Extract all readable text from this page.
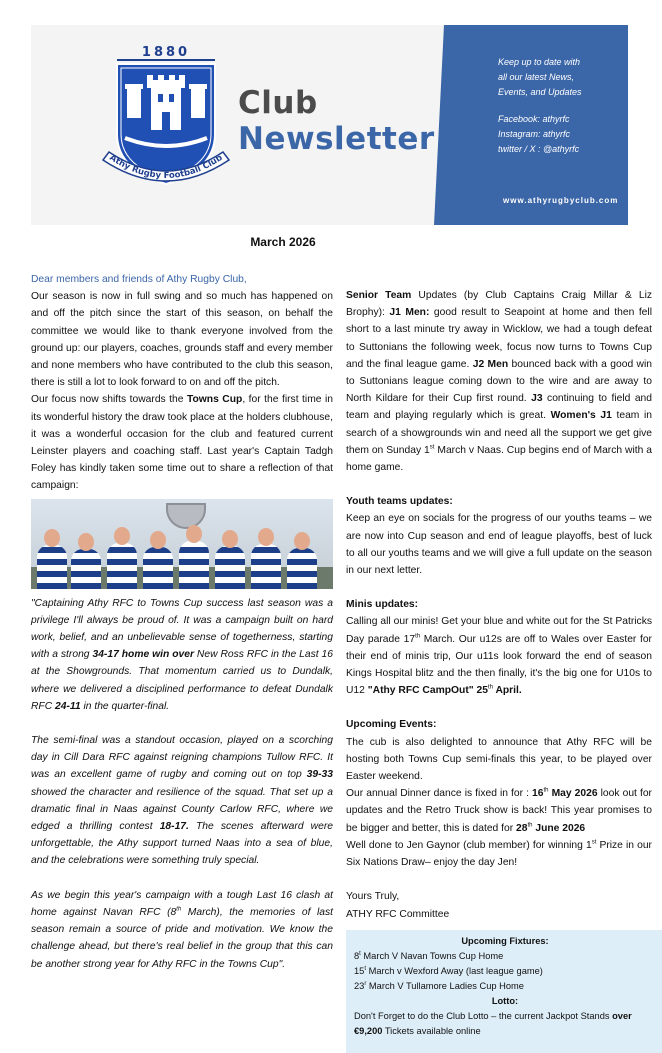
1880
Athy Rugby Football Club
Club
Newsletter
Keep up to date with
all our latest News,
Events, and Updates
Facebook: athyrfc
Instagram: athyrfc
twitter / X : @athyrfc
www.athyrugbyclub.com
March 2026

Dear members and friends of Athy Rugby Club,

Our season is now in full swing and so much has happened on and off the pitch since the start of this season, on behalf the committee we would like to thank everyone involved from the ground up: our players, coaches, grounds staff and every member and none members who have contributed to the club this season, there is still a lot to look forward to on and off the pitch.

Our focus now shifts towards the Towns Cup, for the first time in its wonderful history the draw took place at the holders clubhouse, it was a wonderful occasion for the club and featured current Leinster players and coaching staff. Last year's Captain Tadgh Foley has kindly taken some time out to share a reflection of that campaign:

"Captaining Athy RFC to Towns Cup success last season was a privilege I'll always be proud of. It was a campaign built on hard work, belief, and an unbelievable sense of togetherness, starting with a strong 34-17 home win over New Ross RFC in the Last 16 at the Showgrounds. That momentum carried us to Dundalk, where we delivered a disciplined performance to defeat Dundalk RFC 24-11 in the quarter-final.

The semi-final was a standout occasion, played on a scorching day in Cill Dara RFC against reigning champions Tullow RFC. It was an excellent game of rugby and coming out on top 39-33 showed the character and resilience of the squad. That set up a dramatic final in Naas against County Carlow RFC, where we edged a thrilling contest 18-17. The scenes afterward were unforgettable, the Athy support turned Naas into a sea of blue, and the celebrations were something truly special.

As we begin this year's campaign with a tough Last 16 clash at home against Navan RFC (8th March), the memories of last season remain a source of pride and motivation. We know the challenge ahead, but there's real belief in the group that this can be another strong year for Athy RFC in the Towns Cup".

Senior Team Updates (by Club Captains Craig Millar & Liz Brophy): J1 Men: good result to Seapoint at home and then fell short to a last minute try away in Wicklow, we had a tough defeat to Suttonians the following week, focus now turns to Towns Cup and the final league game. J2 Men bounced back with a good win to Suttonians league coming down to the wire and are away to North Kildare for their Cup first round. J3 continuing to field and team and playing regularly which is great. Women's J1 team in search of a showgrounds win and need all the support we get give them on Sunday 1st March v Naas. Cup begins end of March with a home game.

Youth teams updates:

Keep an eye on socials for the progress of our youths teams – we are now into Cup season and end of league playoffs, best of luck to all our youths teams and we will give a full update on the season in our next letter.

Minis updates:

Calling all our minis! Get your blue and white out for the St Patricks Day parade 17th March. Our u12s are off to Wales over Easter for their end of minis trip, Our u11s look forward the end of season Kings Hospital blitz and the then finally, it's the big one for U10s to U12 "Athy RFC CampOut" 25th April.

Upcoming Events:

The cub is also delighted to announce that Athy RFC will be hosting both Towns Cup semi-finals this year, to be played over Easter weekend.

Our annual Dinner dance is fixed in for : 16th May 2026 look out for updates and the Retro Truck show is back! This year promises to be bigger and better, this is dated for 28th June 2026

Well done to Jen Gaynor (club member) for winning 1st Prize in our Six Nations Draw– enjoy the day Jen!

Yours Truly,

ATHY RFC Committee

Upcoming Fixtures:
8$^t$ March V Navan Towns Cup Home
15$^t$ March v Wexford Away (last league game)
23$^r$ March V Tullamore Ladies Cup Home
Lotto:
Don't Forget to do the Club Lotto – the current Jackpot Stands over €9,200 Tickets available online
